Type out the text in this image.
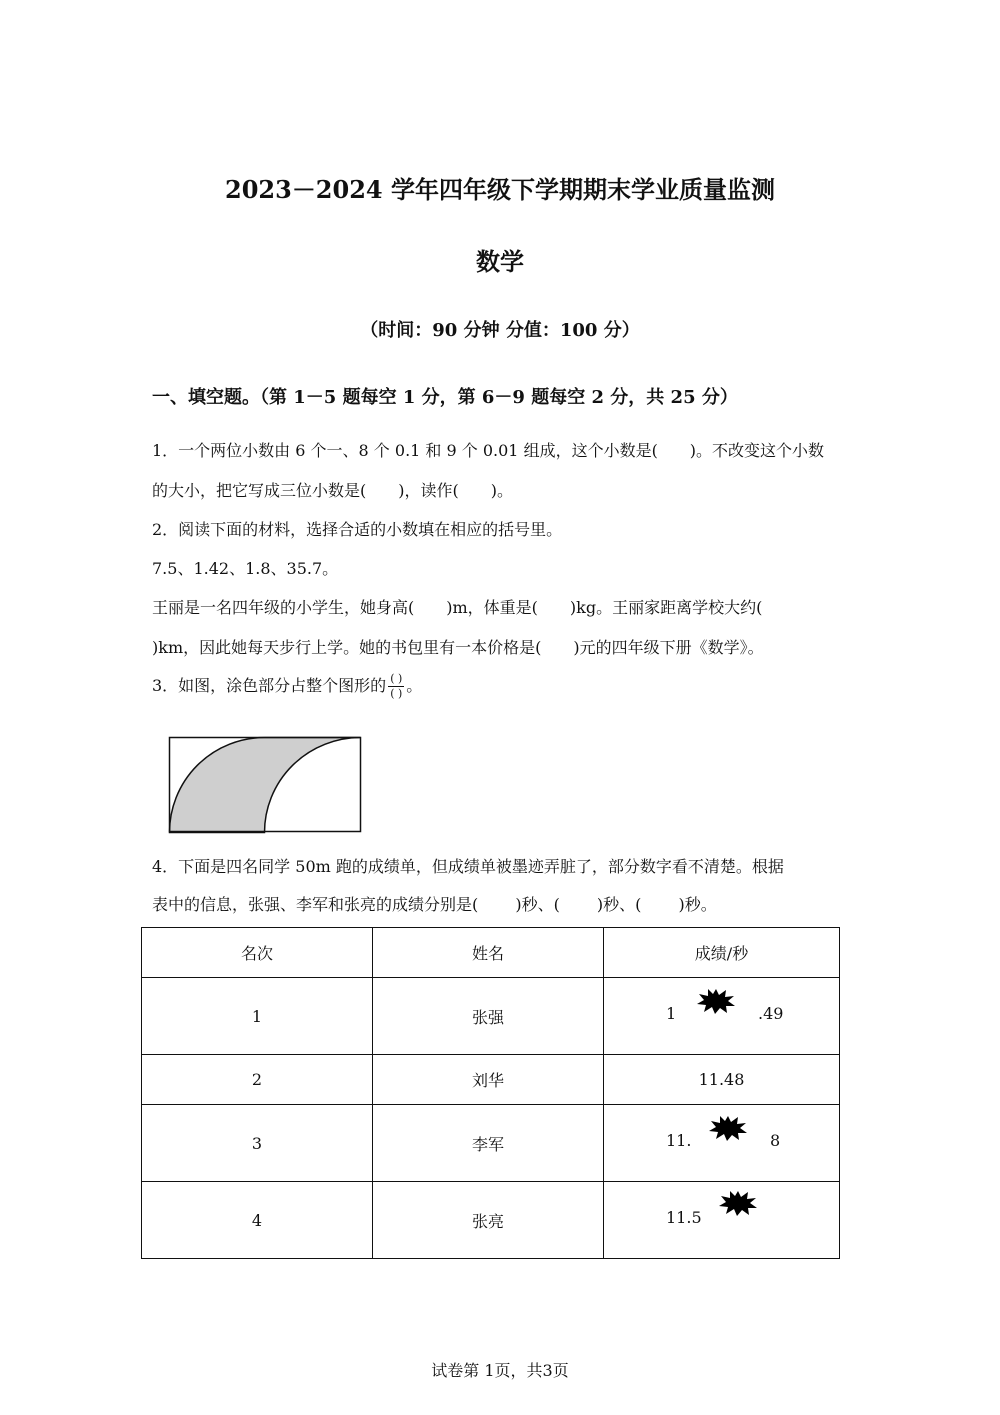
2023－2024 学年四年级下学期期末学业质量监测
数学
（时间：90 分钟 分值：100 分）
一、填空题。（第 1－5 题每空 1 分，第 6－9 题每空 2 分，共 25 分）
1．一个两位小数由 6 个一、8 个 0.1 和 9 个 0.01 组成，这个小数是(　　)。不改变这个小数
的大小，把它写成三位小数是(　　)，读作(　　)。
2．阅读下面的材料，选择合适的小数填在相应的括号里。
7.5、1.42、1.8、35.7。
王丽是一名四年级的小学生，她身高(　　)m，体重是(　　)kg。王丽家距离学校大约(
)km，因此她每天步行上学。她的书包里有一本价格是(　　)元的四年级下册《数学》。
3．如图，涂色部分占整个图形的 $\frac{( )}{( )}$ 。
4．下面是四名同学 50m 跑的成绩单，但成绩单被墨迹弄脏了，部分数字看不清楚。根据
表中的信息，张强、李军和张亮的成绩分别是(　　 )秒、(　　 )秒、(　　 )秒。
名次	姓名	成绩/秒
1	张强	1 .49

2	刘华	11.48
3	李军	11. 8

4	张亮	11.5
试卷第 1页，共3页
